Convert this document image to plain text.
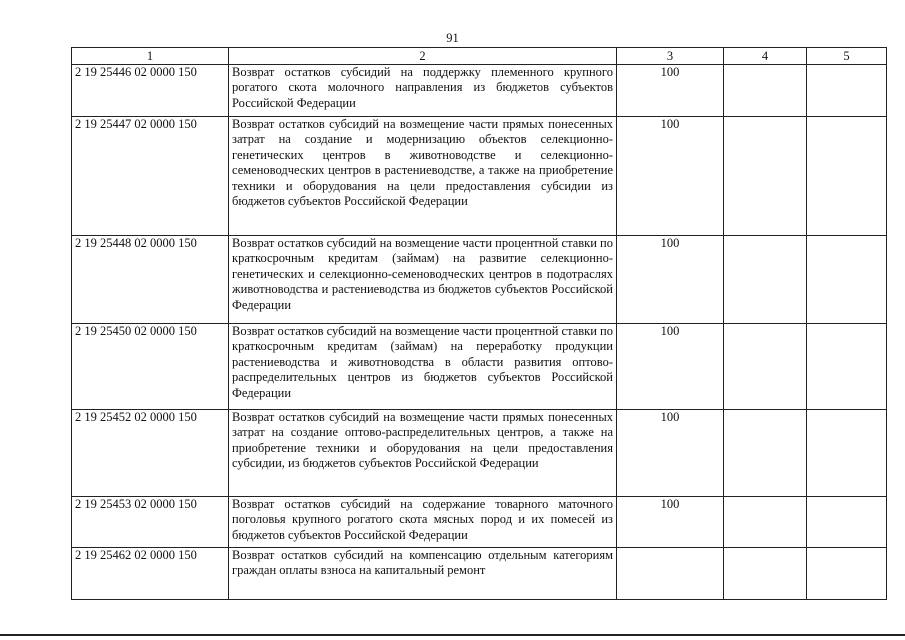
91
1	2	3	4	5
2 19 25446 02 0000 150	Возврат остатков субсидий на поддержку племенного крупного рогатого скота молочного направления из бюджетов субъектов Российской Федерации	100		
2 19 25447 02 0000 150	Возврат остатков субсидий на возмещение части прямых понесенных затрат на создание и модернизацию объектов селекционно-генетических центров в животноводстве и селекционно-семеноводческих центров в растениеводстве, а также на приобретение техники и оборудования на цели предоставления субсидии из бюджетов субъектов Российской Федерации	100		
2 19 25448 02 0000 150	Возврат остатков субсидий на возмещение части процентной ставки по краткосрочным кредитам (займам) на развитие селекционно-генетических и селекционно-семеноводческих центров в подотраслях животноводства и растениеводства из бюджетов субъектов Российской Федерации	100		
2 19 25450 02 0000 150	Возврат остатков субсидий на возмещение части процентной ставки по краткосрочным кредитам (займам) на переработку продукции растениеводства и животноводства в области развития оптово-распределительных центров из бюджетов субъектов Российской Федерации	100		
2 19 25452 02 0000 150	Возврат остатков субсидий на возмещение части прямых понесенных затрат на создание оптово-распределительных центров, а также на приобретение техники и оборудования на цели предоставления субсидии, из бюджетов субъектов Российской Федерации	100		
2 19 25453 02 0000 150	Возврат остатков субсидий на содержание товарного маточного поголовья крупного рогатого скота мясных пород и их помесей из бюджетов субъектов Российской Федерации	100		
2 19 25462 02 0000 150	Возврат остатков субсидий на компенсацию отдельным категориям граждан оплаты взноса на капитальный ремонт			
